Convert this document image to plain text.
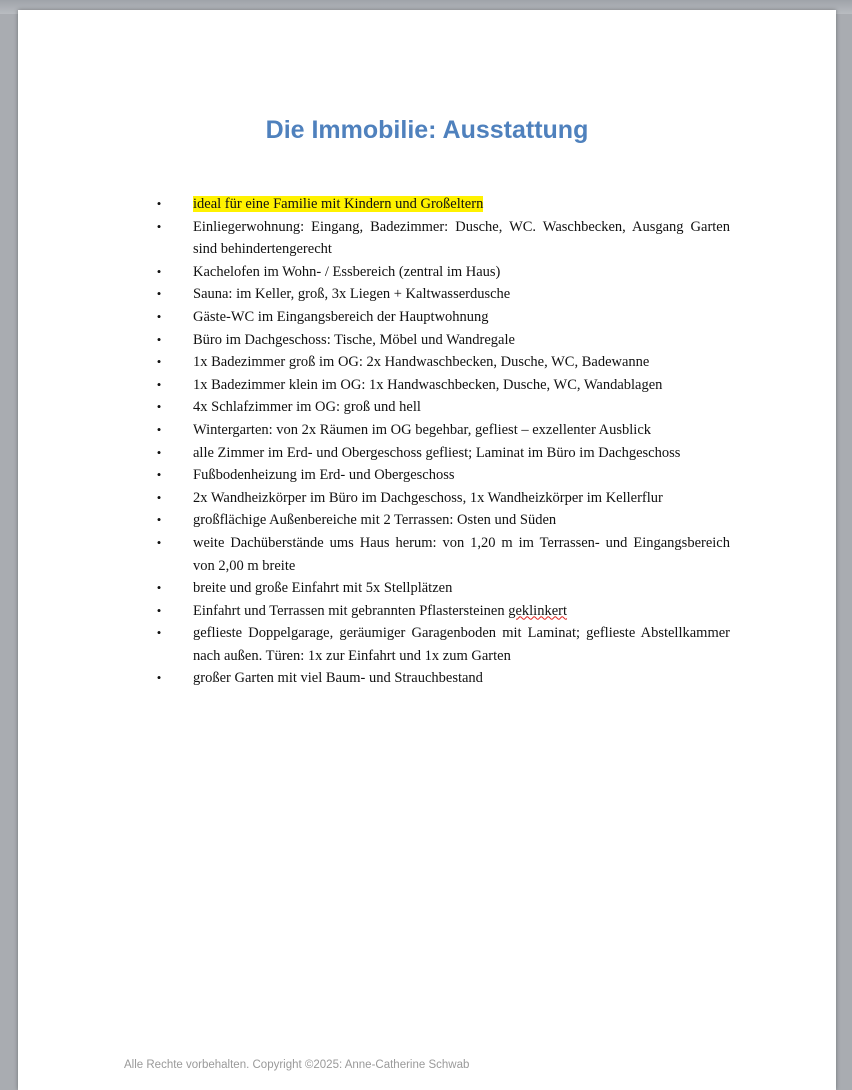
Die Immobilie: Ausstattung
•	ideal für eine Familie mit Kindern und Großeltern
•	Einliegerwohnung: Eingang, Badezimmer: Dusche, WC. Waschbecken, Ausgang Garten sind behindertengerecht
•	Kachelofen im Wohn- / Essbereich (zentral im Haus)
•	Sauna: im Keller, groß, 3x Liegen + Kaltwasserdusche
•	Gäste-WC im Eingangsbereich der Hauptwohnung
•	Büro im Dachgeschoss: Tische, Möbel und Wandregale
•	1x Badezimmer groß im OG: 2x Handwaschbecken, Dusche, WC, Badewanne
•	1x Badezimmer klein im OG: 1x Handwaschbecken, Dusche, WC, Wandablagen
•	4x Schlafzimmer im OG: groß und hell
•	Wintergarten: von 2x Räumen im OG begehbar, gefliest – exzellenter Ausblick
•	alle Zimmer im Erd- und Obergeschoss gefliest; Laminat im Büro im Dachgeschoss
•	Fußbodenheizung im Erd- und Obergeschoss
•	2x Wandheizkörper im Büro im Dachgeschoss, 1x Wandheizkörper im Kellerflur
•	großflächige Außenbereiche mit 2 Terrassen: Osten und Süden
•	weite Dachüberstände ums Haus herum: von 1,20 m im Terrassen- und Eingangsbereich von 2,00 m breite
•	breite und große Einfahrt mit 5x Stellplätzen
•	Einfahrt und Terrassen mit gebrannten Pflastersteinen geklinkert
•	geflieste Doppelgarage, geräumiger Garagenboden mit Laminat; geflieste Abstellkammer nach außen. Türen: 1x zur Einfahrt und 1x zum Garten
•	großer Garten mit viel Baum- und Strauchbestand
Alle Rechte vorbehalten. Copyright ©2025: Anne-Catherine Schwab
